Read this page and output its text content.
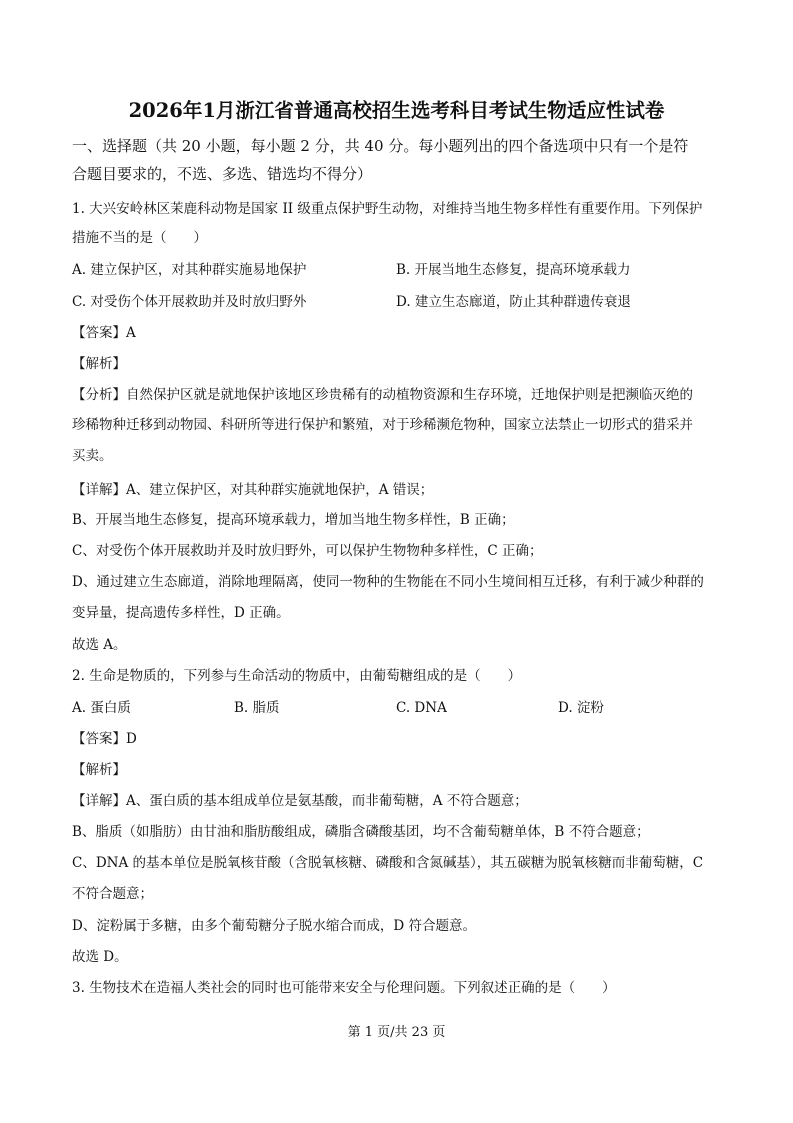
2026年1月浙江省普通高校招生选考科目考试生物适应性试卷
一、选择题（共 20 小题，每小题 2 分，共 40 分。每小题列出的四个备选项中只有一个是符
合题目要求的，不选、多选、错选均不得分）
1. 大兴安岭林区茉鹿科动物是国家 II 级重点保护野生动物，对维持当地生物多样性有重要作用。下列保护
措施不当的是（　　）
A. 建立保护区，对其种群实施易地保护	B. 开展当地生态修复，提高环境承载力
C. 对受伤个体开展救助并及时放归野外	D. 建立生态廊道，防止其种群遗传衰退
【答案】A
【解析】
【分析】自然保护区就是就地保护该地区珍贵稀有的动植物资源和生存环境，迁地保护则是把濒临灭绝的
珍稀物种迁移到动物园、科研所等进行保护和繁殖，对于珍稀濒危物种，国家立法禁止一切形式的猎采并
买卖。
【详解】A、建立保护区，对其种群实施就地保护，A 错误；
B、开展当地生态修复，提高环境承载力，增加当地生物多样性，B 正确；
C、对受伤个体开展救助并及时放归野外，可以保护生物物种多样性，C 正确；
D、通过建立生态廊道，消除地理隔离，使同一物种的生物能在不同小生境间相互迁移，有利于减少种群的
变异量，提高遗传多样性，D 正确。
故选 A。
2. 生命是物质的，下列参与生命活动的物质中，由葡萄糖组成的是（　　）
A. 蛋白质	B. 脂质	C. DNA	D. 淀粉
【答案】D
【解析】
【详解】A、蛋白质的基本组成单位是氨基酸，而非葡萄糖，A 不符合题意；
B、脂质（如脂肪）由甘油和脂肪酸组成，磷脂含磷酸基团，均不含葡萄糖单体，B 不符合题意；
C、DNA 的基本单位是脱氧核苷酸（含脱氧核糖、磷酸和含氮碱基），其五碳糖为脱氧核糖而非葡萄糖，C
不符合题意；
D、淀粉属于多糖，由多个葡萄糖分子脱水缩合而成，D 符合题意。
故选 D。
3. 生物技术在造福人类社会的同时也可能带来安全与伦理问题。下列叙述正确的是（　　）
第 1 页/共 23 页
